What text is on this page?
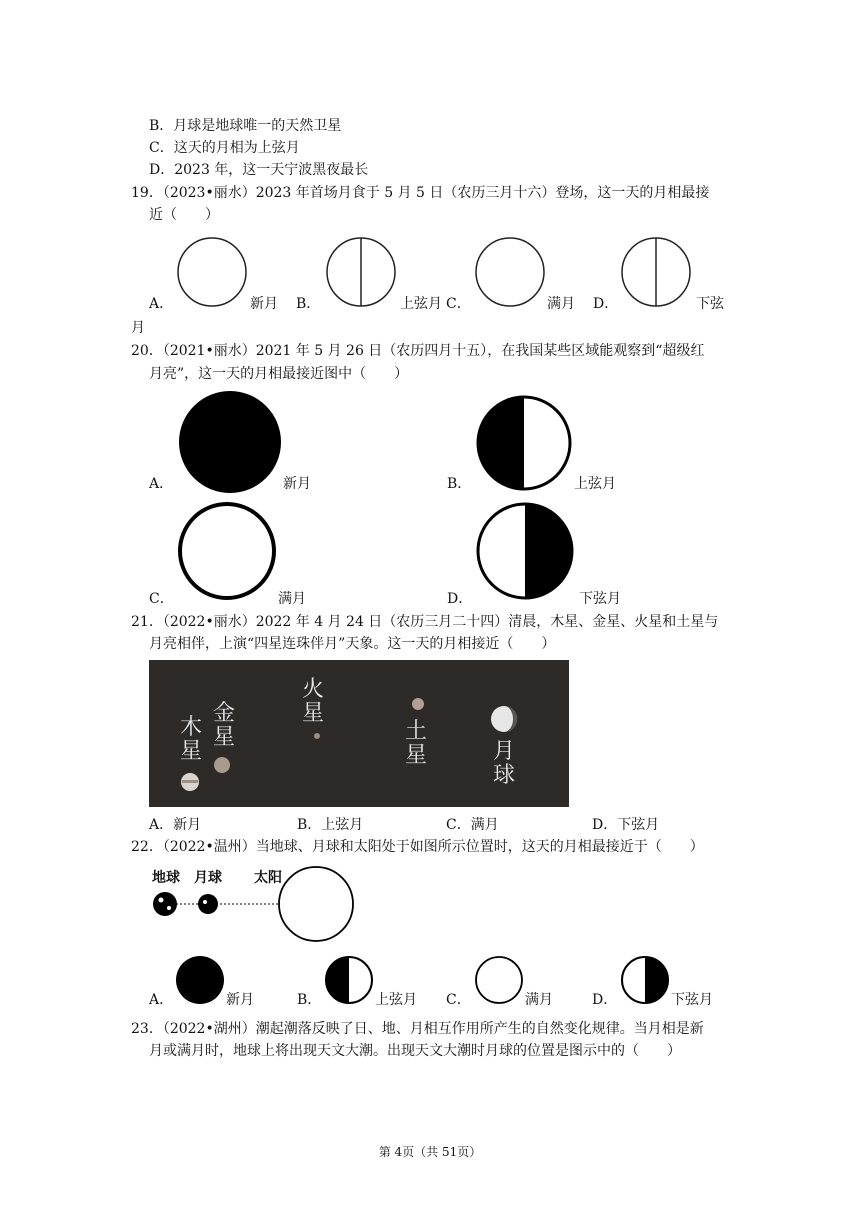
B．月球是地球唯一的天然卫星
C．这天的月相为上弦月
D．2023 年，这一天宁波黑夜最长
19．（2023•丽水）2023 年首场月食于 5 月 5 日（农历三月十六）登场，这一天的月相最接
近（　　）
A．	新月 B．	上弦月 C．	满月 D．	下弦
月
20．（2021•丽水）2021 年 5 月 26 日（农历四月十五），在我国某些区域能观察到“超级红
月亮”，这一天的月相最接近图中（　　）
A．	新月	B．	上弦月
C．	满月	D．	下弦月
21．（2022•丽水）2022 年 4 月 24 日（农历三月二十四）清晨，木星、金星、火星和土星与
月亮相伴，上演“四星连珠伴月”天象。这一天的月相接近（　　）
木星
金星
火星
土星	月球
A．新月	B．上弦月	C．满月	D．下弦月
22．（2022•温州）当地球、月球和太阳处于如图所示位置时，这天的月相最接近于（　　）
地球 月球 太阳
A．	新月	B．	上弦月 C．	满月	D．	下弦月
23．（2022•湖州）潮起潮落反映了日、地、月相互作用所产生的自然变化规律。当月相是新
月或满月时，地球上将出现天文大潮。出现天文大潮时月球的位置是图示中的（　　）
第 4页（共 51页）
